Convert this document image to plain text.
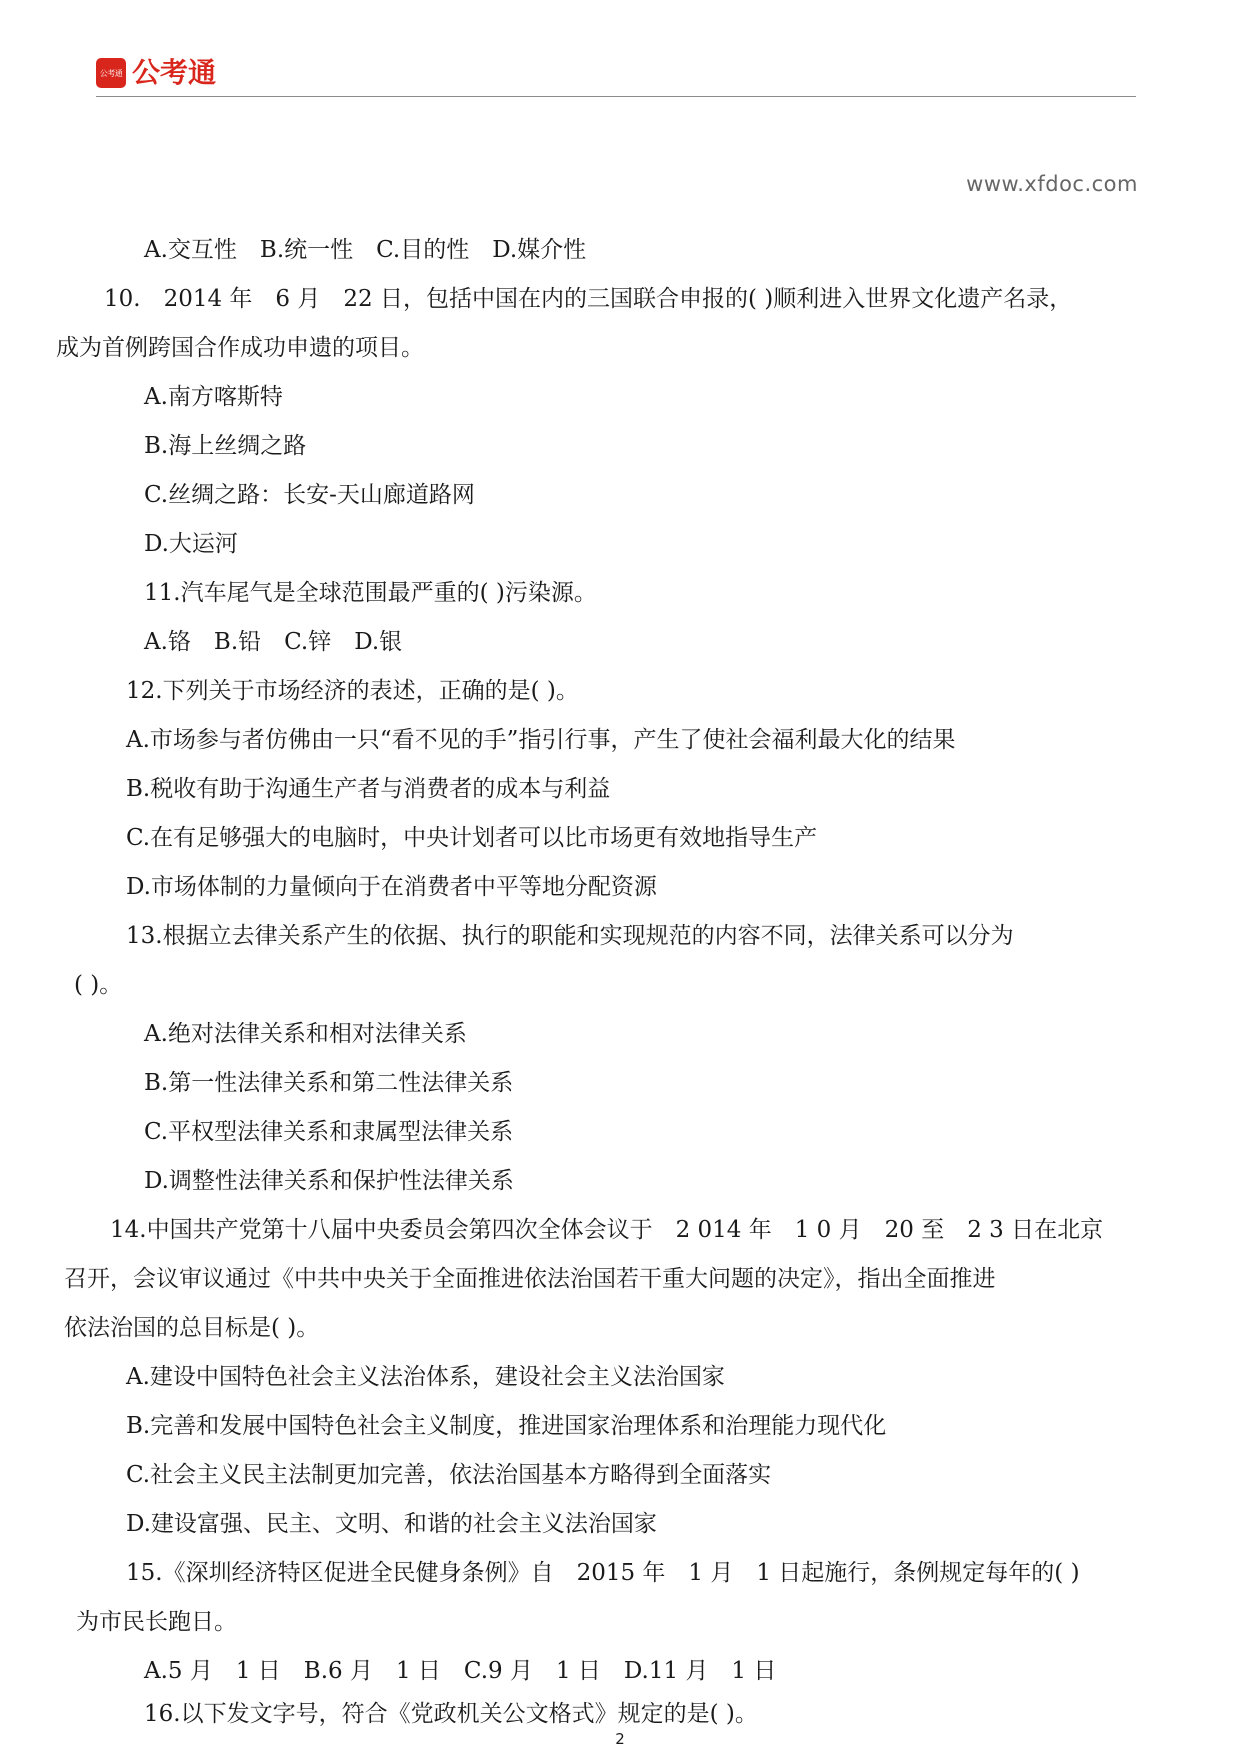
公考通 公考通
www.xfdoc.com
A.交互性　B.统一性　C.目的性　D.媒介性
10.　2014 年　6 月　22 日，包括中国在内的三国联合申报的( )顺利进入世界文化遗产名录，
成为首例跨国合作成功申遗的项目。
A.南方喀斯特
B.海上丝绸之路
C.丝绸之路：长安-天山廊道路网
D.大运河
11.汽车尾气是全球范围最严重的( )污染源。
A.铬　B.铅　C.锌　D.银
12.下列关于市场经济的表述，正确的是( )。
A.市场参与者仿佛由一只“看不见的手”指引行事，产生了使社会福利最大化的结果
B.税收有助于沟通生产者与消费者的成本与利益
C.在有足够强大的电脑时，中央计划者可以比市场更有效地指导生产
D.市场体制的力量倾向于在消费者中平等地分配资源
13.根据立去律关系产生的依据、执行的职能和实现规范的内容不同，法律关系可以分为
( )。
A.绝对法律关系和相对法律关系
B.第一性法律关系和第二性法律关系
C.平权型法律关系和隶属型法律关系
D.调整性法律关系和保护性法律关系
14.中国共产党第十八届中央委员会第四次全体会议于　2 014 年　1 0 月　20 至　2 3 日在北京
召开，会议审议通过《中共中央关于全面推进依法治国若干重大问题的决定》，指出全面推进
依法治国的总目标是( )。
A.建设中国特色社会主义法治体系，建设社会主义法治国家
B.完善和发展中国特色社会主义制度，推进国家治理体系和治理能力现代化
C.社会主义民主法制更加完善，依法治国基本方略得到全面落实
D.建设富强、民主、文明、和谐的社会主义法治国家
15.《深圳经济特区促进全民健身条例》自　2015 年　1 月　1 日起施行，条例规定每年的( )
为市民长跑日。
A.5 月　1 日　B.6 月　1 日　C.9 月　1 日　D.11 月　1 日
16.以下发文字号，符合《党政机关公文格式》规定的是( )。
2
